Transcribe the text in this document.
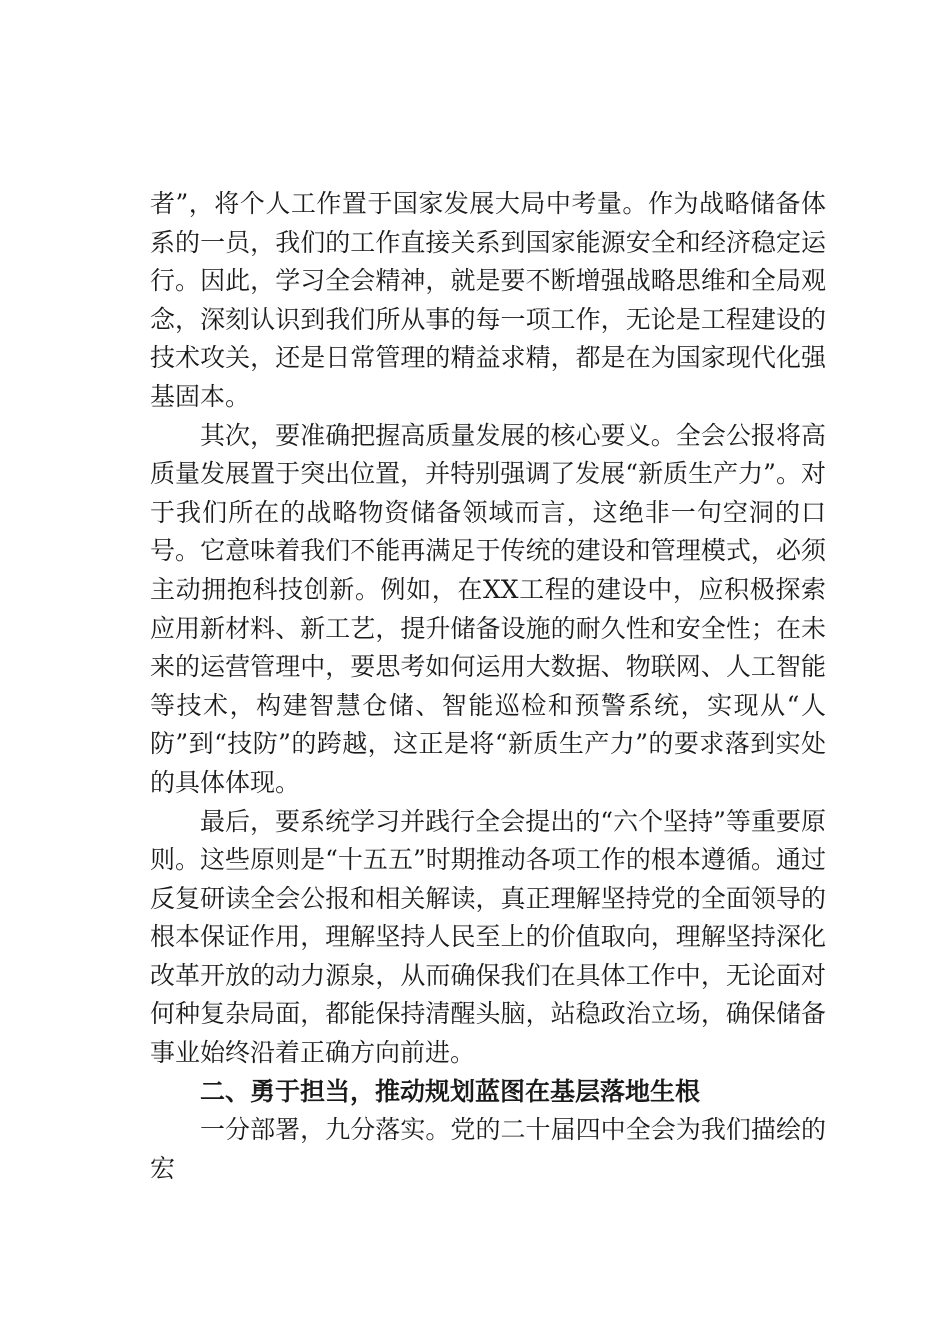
者”，将个人工作置于国家发展大局中考量。作为战略储备体系的一员，我们的工作直接关系到国家能源安全和经济稳定运行。因此，学习全会精神，就是要不断增强战略思维和全局观念，深刻认识到我们所从事的每一项工作，无论是工程建设的技术攻关，还是日常管理的精益求精，都是在为国家现代化强基固本。

其次，要准确把握高质量发展的核心要义。全会公报将高质量发展置于突出位置，并特别强调了发展“新质生产力”。对于我们所在的战略物资储备领域而言，这绝非一句空洞的口号。它意味着我们不能再满足于传统的建设和管理模式，必须主动拥抱科技创新。例如，在XX工程的建设中，应积极探索应用新材料、新工艺，提升储备设施的耐久性和安全性；在未来的运营管理中，要思考如何运用大数据、物联网、人工智能等技术，构建智慧仓储、智能巡检和预警系统，实现从“人防”到“技防”的跨越，这正是将“新质生产力”的要求落到实处的具体体现。

最后，要系统学习并践行全会提出的“六个坚持”等重要原则。这些原则是“十五五”时期推动各项工作的根本遵循。通过反复研读全会公报和相关解读，真正理解坚持党的全面领导的根本保证作用，理解坚持人民至上的价值取向，理解坚持深化改革开放的动力源泉，从而确保我们在具体工作中，无论面对何种复杂局面，都能保持清醒头脑，站稳政治立场，确保储备事业始终沿着正确方向前进。

二、勇于担当，推动规划蓝图在基层落地生根

一分部署，九分落实。党的二十届四中全会为我们描绘的宏
